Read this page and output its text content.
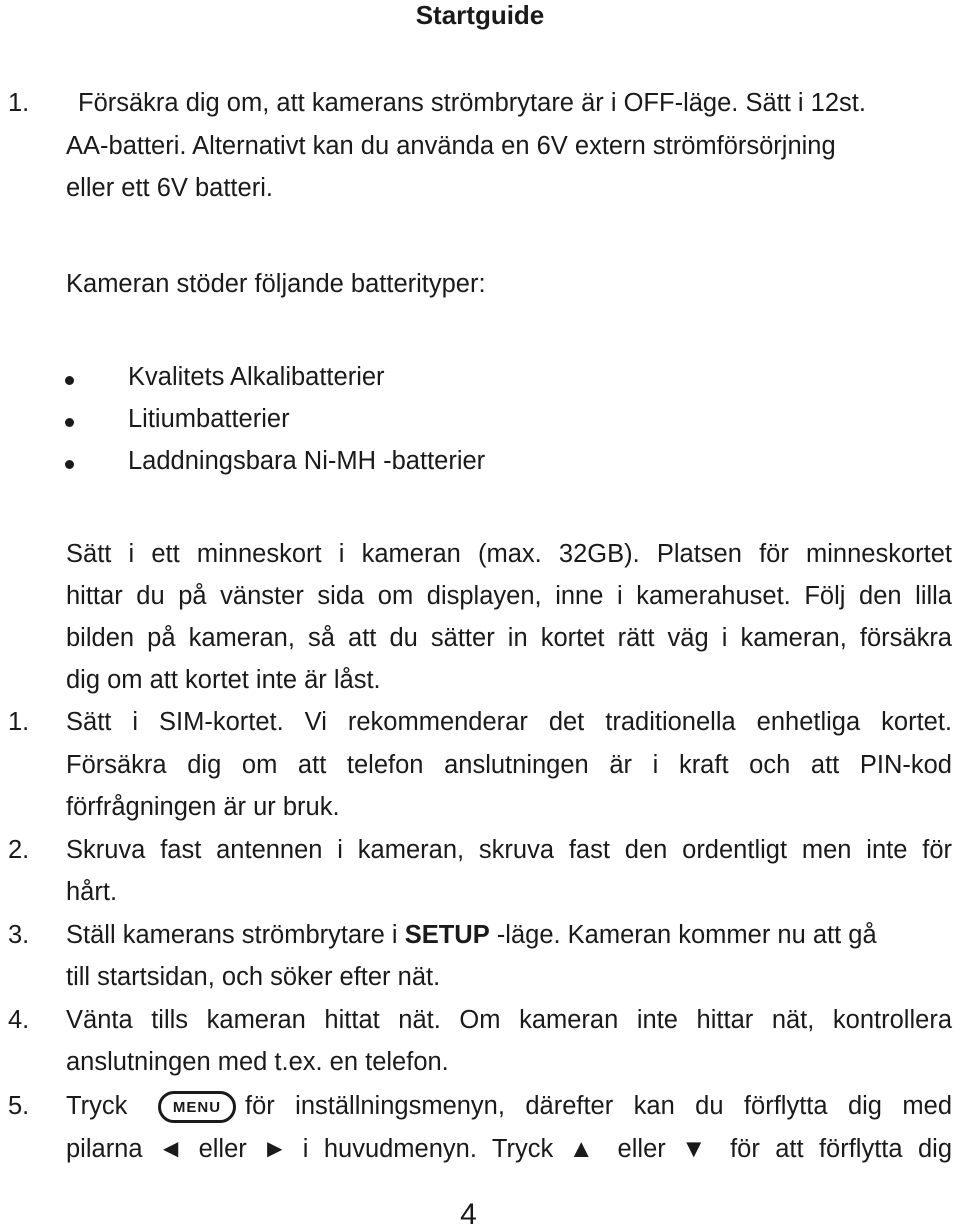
Startguide
1. Försäkra dig om, att kamerans strömbrytare är i OFF-läge. Sätt i 12st.
AA-batteri. Alternativt kan du använda en 6V extern strömförsörjning
eller ett 6V batteri.
Kameran stöder följande batterityper:
Kvalitets Alkalibatterier
Litiumbatterier
Laddningsbara Ni-MH -batterier
Sätt i ett minneskort i kameran (max. 32GB). Platsen för minneskortet
hittar du på vänster sida om displayen, inne i kamerahuset. Följ den lilla
bilden på kameran, så att du sätter in kortet rätt väg i kameran, försäkra
dig om att kortet inte är låst.
1. Sätt i SIM-kortet. Vi rekommenderar det traditionella enhetliga kortet.
Försäkra dig om att telefon anslutningen är i kraft och att PIN-kod
förfrågningen är ur bruk.
2. Skruva fast antennen i kameran, skruva fast den ordentligt men inte för
hårt.
3. Ställ kamerans strömbrytare i SETUP -läge. Kameran kommer nu att gå
till startsidan, och söker efter nät.
4. Vänta tills kameran hittat nät. Om kameran inte hittar nät, kontrollera
anslutningen med t.ex. en telefon.
5. Tryck	MENU för inställningsmenyn, därefter kan du förflytta dig med
pilarna ◄ eller ► i huvudmenyn. Tryck ▲ eller ▼ för att förflytta dig
4
